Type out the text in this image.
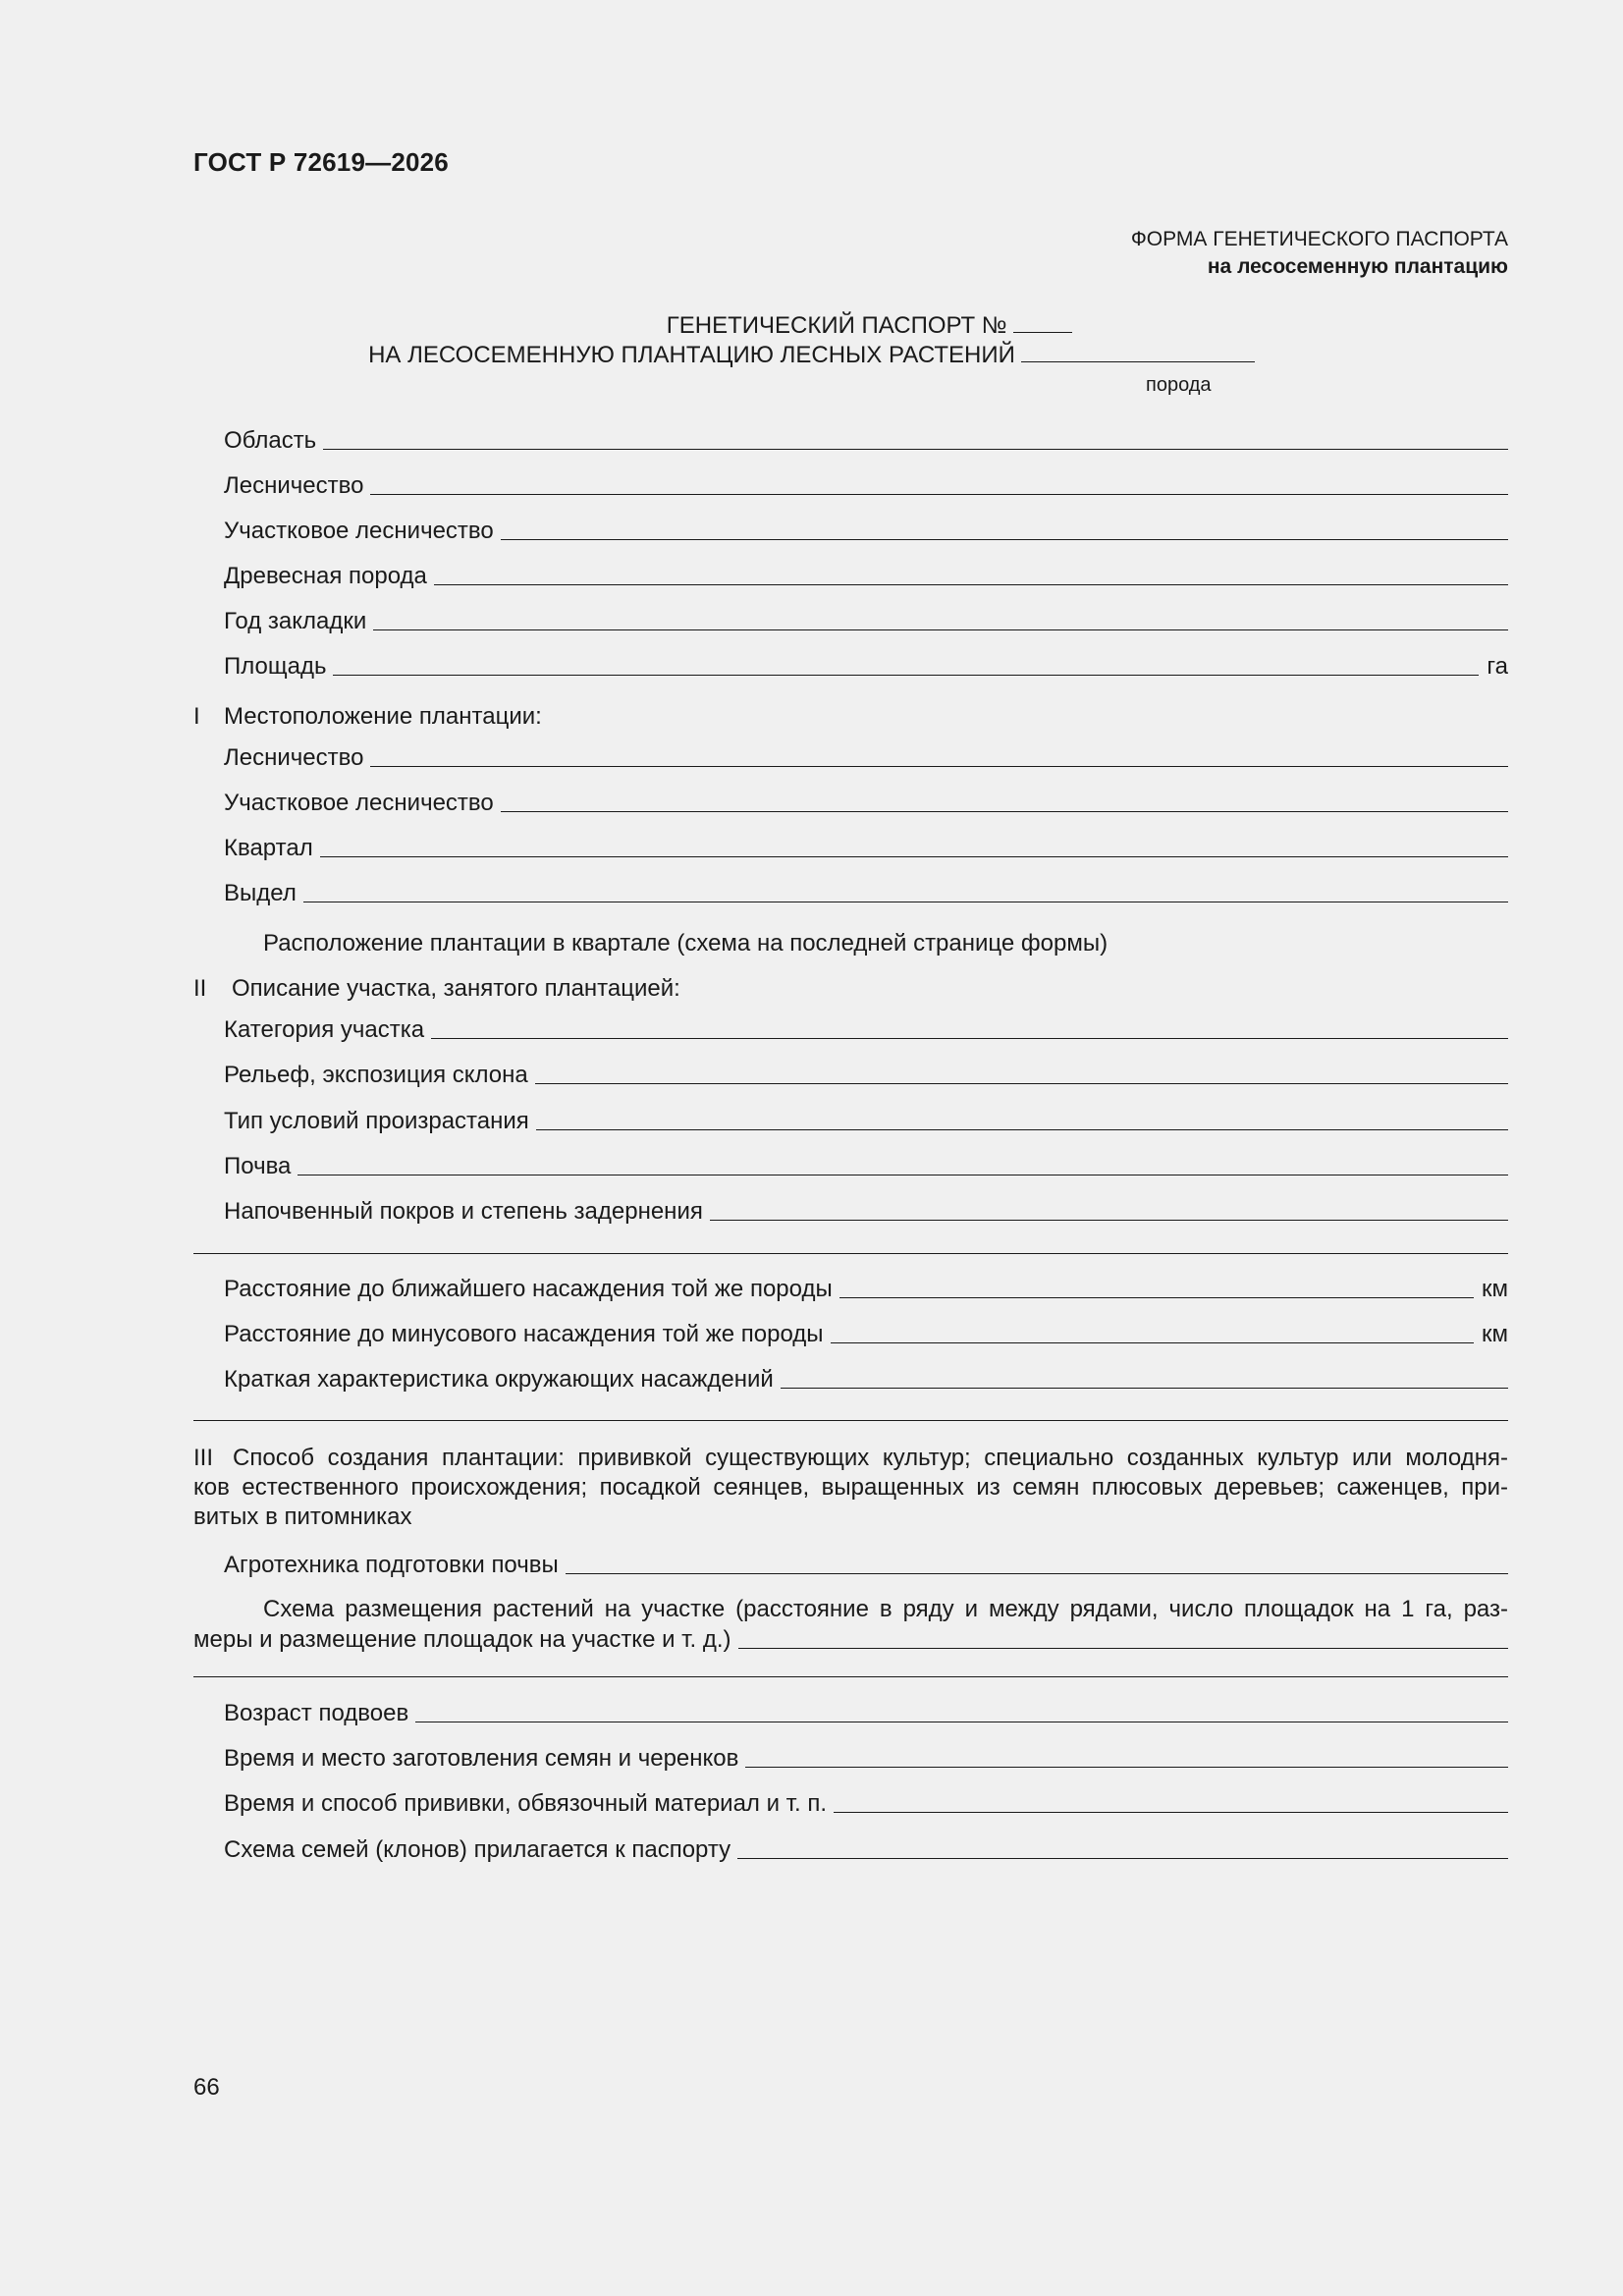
ГОСТ Р 72619—2026
ФОРМА ГЕНЕТИЧЕСКОГО ПАСПОРТА
на лесосеменную плантацию
ГЕНЕТИЧЕСКИЙ ПАСПОРТ №
НА ЛЕСОСЕМЕННУЮ ПЛАНТАЦИЮ ЛЕСНЫХ РАСТЕНИЙ
порода
Область
Лесничество
Участковое лесничество
Древесная порода
Год закладки
Площадь	га
I Местоположение плантации:
Лесничество
Участковое лесничество
Квартал
Выдел
Расположение плантации в квартале (схема на последней странице формы)
II Описание участка, занятого плантацией:
Категория участка
Рельеф, экспозиция склона
Тип условий произрастания
Почва
Напочвенный покров и степень задернения
Расстояние до ближайшего насаждения той же породы	км
Расстояние до минусового насаждения той же породы	км
Краткая характеристика окружающих насаждений
III Способ создания плантации: прививкой существующих культур; специально созданных культур или молодня-
ков естественного происхождения; посадкой сеянцев, выращенных из семян плюсовых деревьев; саженцев, при-
витых в питомниках
Агротехника подготовки почвы
Схема размещения растений на участке (расстояние в ряду и между рядами, число площадок на 1 га, раз-
меры и размещение площадок на участке и т. д.)
Возраст подвоев
Время и место заготовления семян и черенков
Время и способ прививки, обвязочный материал и т. п.
Схема семей (клонов) прилагается к паспорту
66
